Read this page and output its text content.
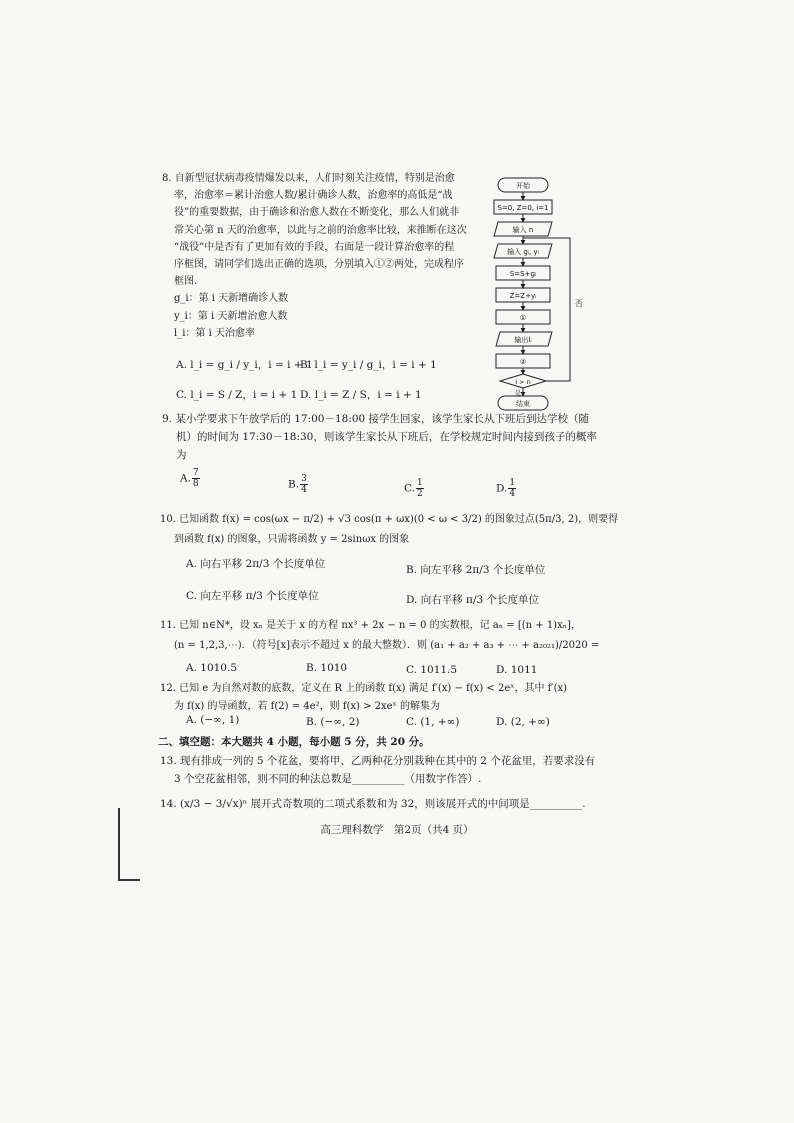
8. 自新型冠状病毒疫情爆发以来，人们时刻关注疫情，特别是治愈
率，治愈率＝累计治愈人数/累计确诊人数，治愈率的高低是“战
役”的重要数据，由于确诊和治愈人数在不断变化，那么人们就非
常关心第 n 天的治愈率，以此与之前的治愈率比较，来推断在这次
“战役”中是否有了更加有效的手段，右面是一段计算治愈率的程
序框图，请同学们选出正确的选项，分别填入①②两处，完成程序
框图.
g_i：第 i 天新增确诊人数
y_i：第 i 天新增治愈人数
l_i：第 i 天治愈率
A. l_i = g_i / y_i，i = i + 1
B. l_i = y_i / g_i，i = i + 1
C. l_i = S / Z，i = i + 1 D. l_i = Z / S，i = i + 1
开始
S=0, Z=0, i=1
输入 n
输入 gᵢ, yᵢ
S=S+gᵢ
Z=Z+yᵢ
①
输出lᵢ
②
i > n
是
否
结束
9. 某小学要求下午放学后的 17:00－18:00 接学生回家，该学生家长从下班后到达学校（随
机）的时间为 17:30－18:30，则该学生家长从下班后，在学校规定时间内接到孩子的概率
为
A. $\frac{7}{8}$	B. $\frac{3}{4}$	C. $\frac{1}{2}$	D. $\frac{1}{4}$
10. 已知函数 f(x) = cos(ωx − π/2) + √3 cos(π + ωx)(0 < ω < 3/2) 的图象过点(5π/3, 2)，则要得
到函数 f(x) 的图象，只需将函数 y = 2sinωx 的图象
A. 向右平移 2π/3 个长度单位	B. 向左平移 2π/3 个长度单位
C. 向左平移 π/3 个长度单位	D. 向右平移 π/3 个长度单位
11. 已知 n∈N*，设 xₙ 是关于 x 的方程 nx³ + 2x − n = 0 的实数根，记 aₙ = [(n + 1)xₙ]，
(n = 1,2,3,⋯)．（符号[x]表示不超过 x 的最大整数）．则 (a₁ + a₂ + a₃ + ⋯ + a₂₀₂₁)/2020 =
A. 1010.5	B. 1010	C. 1011.5	D. 1011
12. 已知 e 为自然对数的底数，定义在 R 上的函数 f(x) 满足 f′(x) − f(x) < 2eˣ，其中 f′(x)
为 f(x) 的导函数，若 f(2) = 4e²，则 f(x) > 2xeˣ 的解集为
A. (−∞, 1)	B. (−∞, 2)	C. (1, +∞)	D. (2, +∞)
二、填空题：本大题共 4 小题，每小题 5 分，共 20 分。
13. 现有排成一列的 5 个花盆，要将甲、乙两种花分别栽种在其中的 2 个花盆里，若要求没有
3 个空花盆相邻，则不同的种法总数是__________（用数字作答）.
14. (x/3 − 3/√x)ⁿ 展开式奇数项的二项式系数和为 32，则该展开式的中间项是__________.
高三理科数学　第2页（共4 页）
